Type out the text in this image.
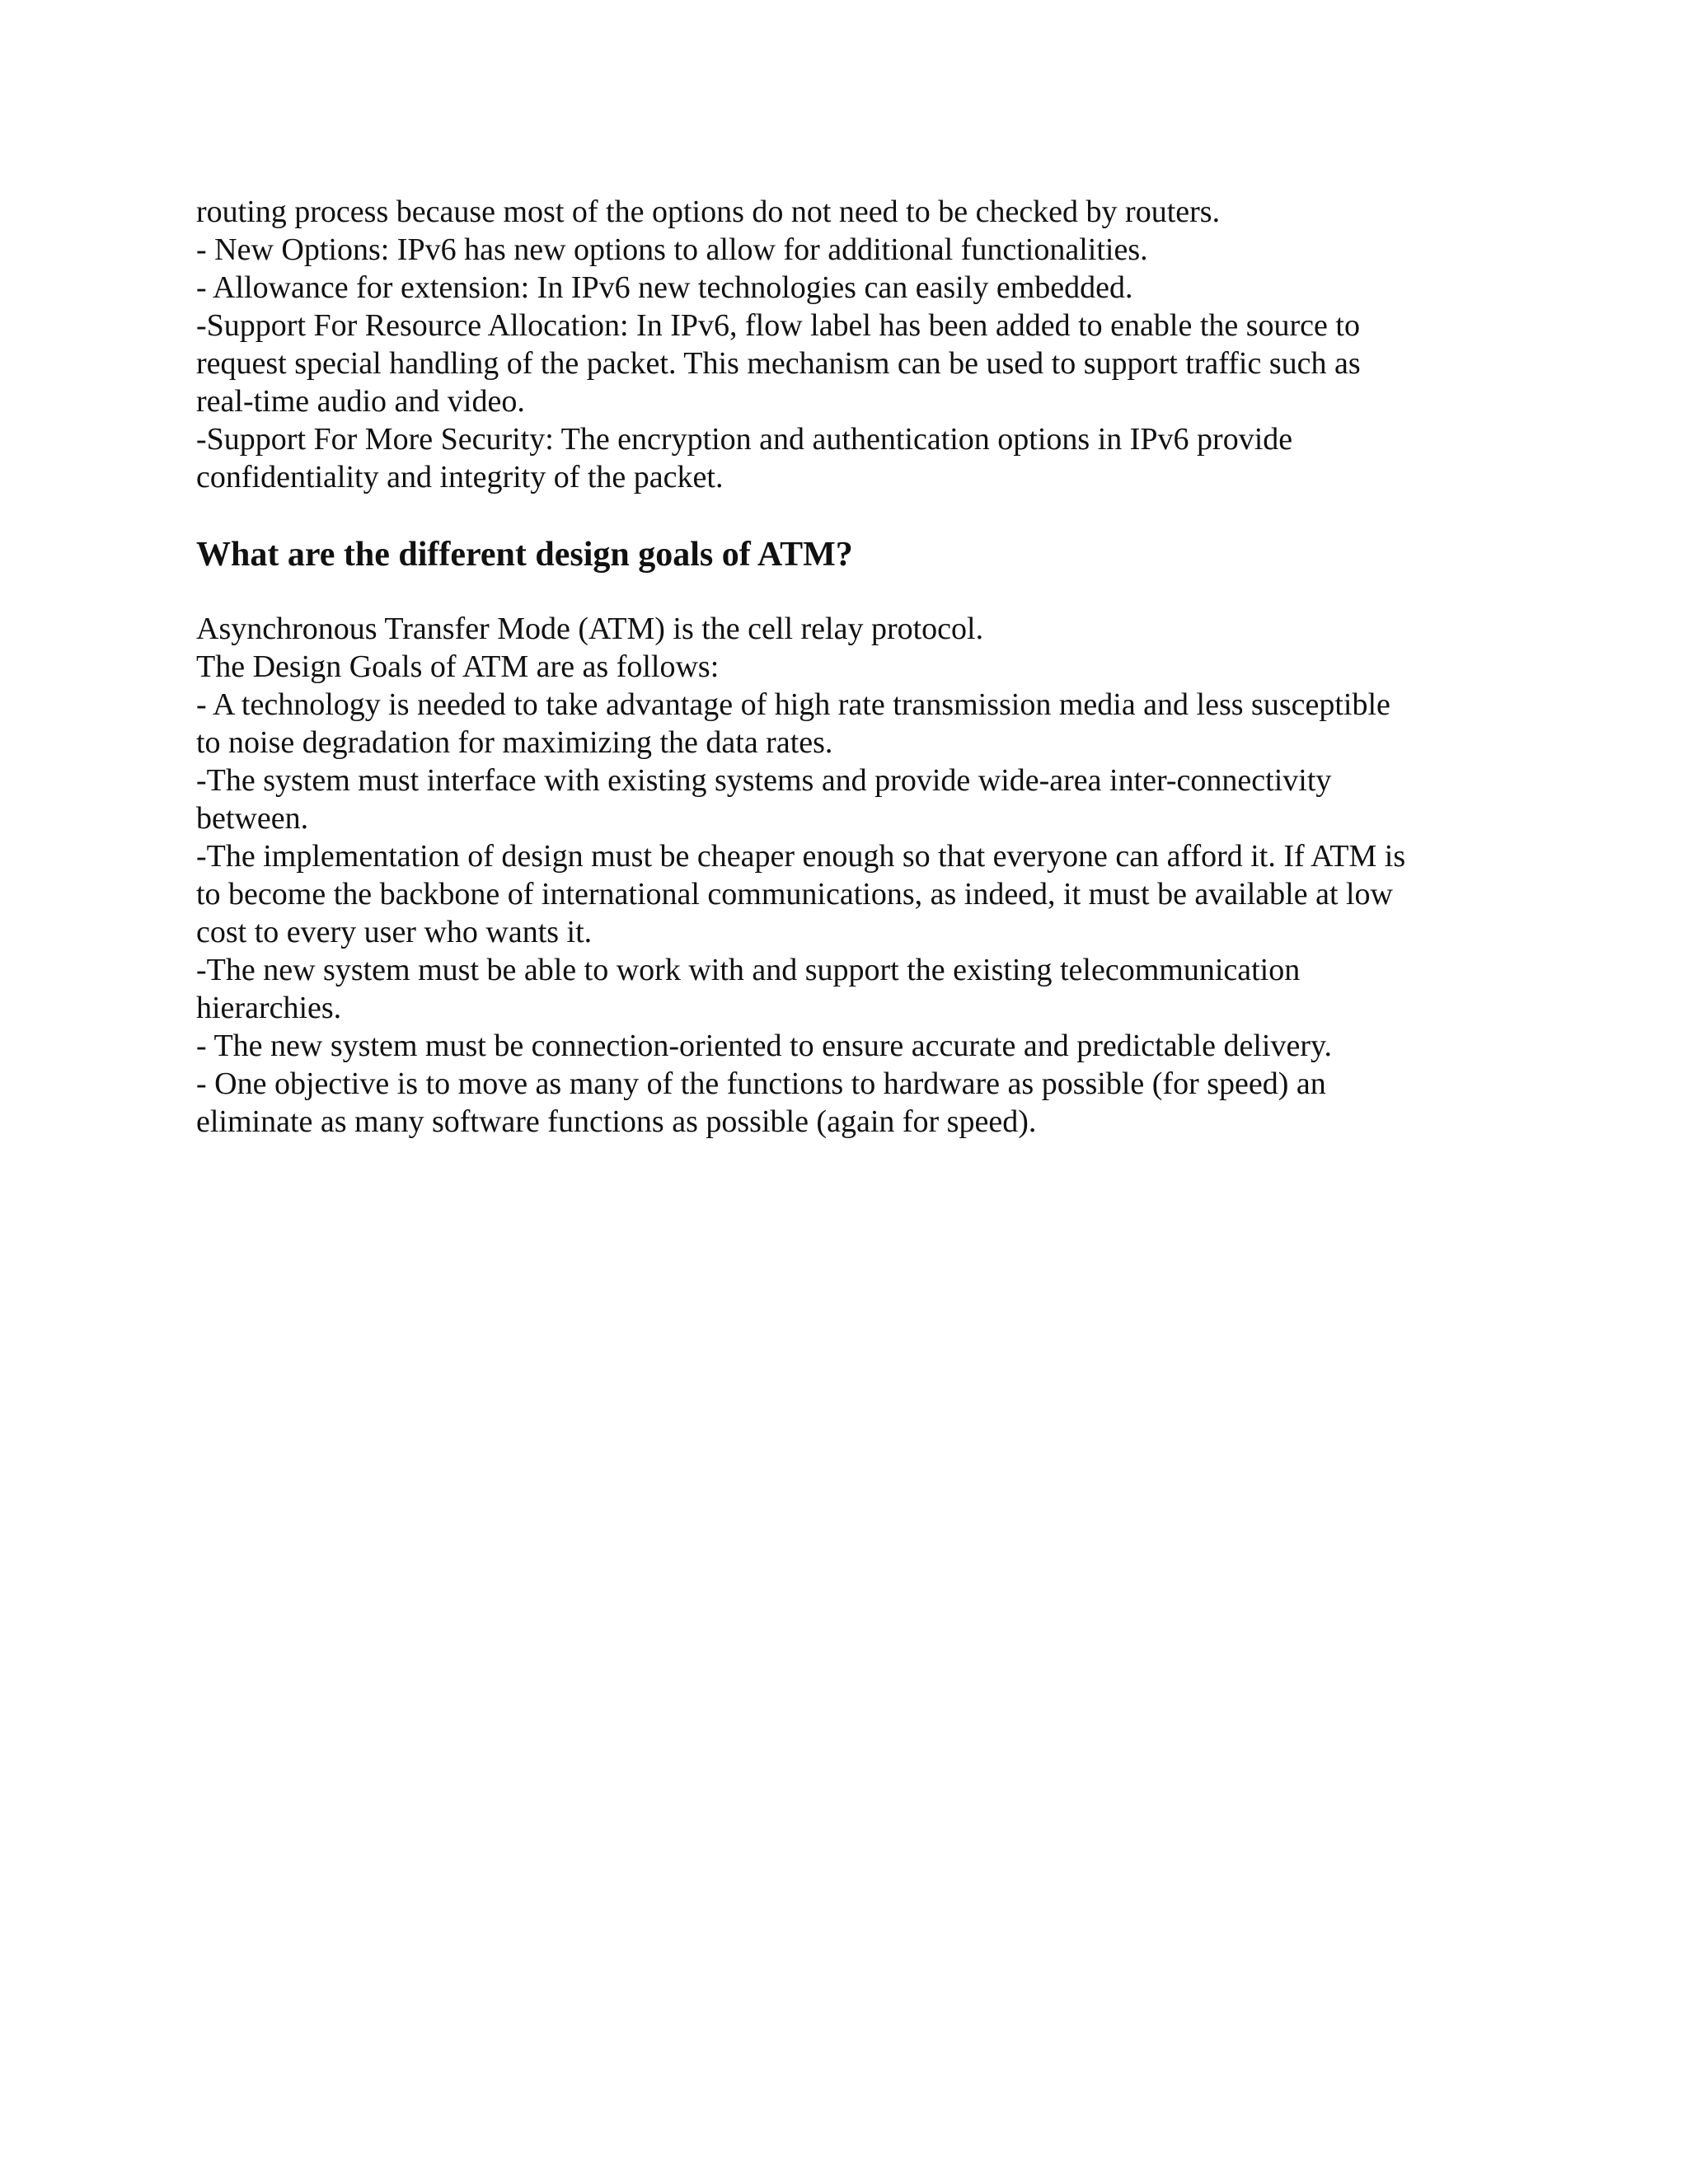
routing process because most of the options do not need to be checked by routers.

- New Options: IPv6 has new options to allow for additional functionalities.

- Allowance for extension: In IPv6 new technologies can easily embedded.

-Support For Resource Allocation: In IPv6, flow label has been added to enable the source to

request special handling of the packet. This mechanism can be used to support traffic such as

real-time audio and video.

-Support For More Security: The encryption and authentication options in IPv6 provide

confidentiality and integrity of the packet.

What are the different design goals of ATM?

Asynchronous Transfer Mode (ATM) is the cell relay protocol.

The Design Goals of ATM are as follows:

- A technology is needed to take advantage of high rate transmission media and less susceptible

to noise degradation for maximizing the data rates.

-The system must interface with existing systems and provide wide-area inter-connectivity

between.

-The implementation of design must be cheaper enough so that everyone can afford it. If ATM is

to become the backbone of international communications, as indeed, it must be available at low

cost to every user who wants it.

-The new system must be able to work with and support the existing telecommunication

hierarchies.

- The new system must be connection-oriented to ensure accurate and predictable delivery.

- One objective is to move as many of the functions to hardware as possible (for speed) an

eliminate as many software functions as possible (again for speed).
